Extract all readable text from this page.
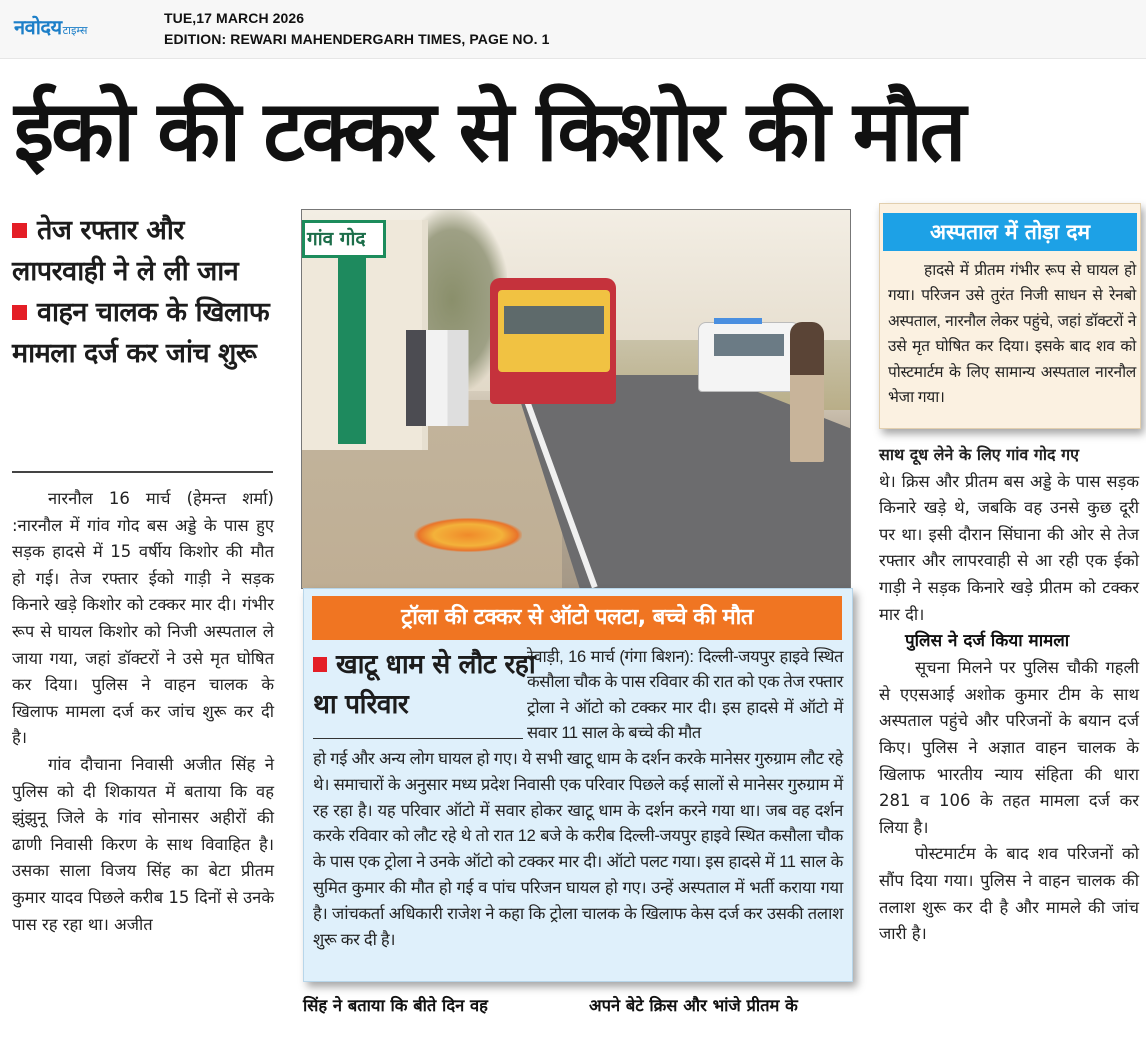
नवोदय टाइम्स
TUE,17 MARCH 2026
EDITION: REWARI MAHENDERGARH TIMES, PAGE NO. 1
ईको की टक्कर से किशोर की मौत
तेज रफ्तार और लापरवाही ने ले ली जान
वाहन चालक के खिलाफ मामला दर्ज कर जांच शुरू
नारनौल 16 मार्च (हेमन्त शर्मा) :नारनौल में गांव गोद बस अड्डे के पास हुए सड़क हादसे में 15 वर्षीय किशोर की मौत हो गई। तेज रफ्तार ईको गाड़ी ने सड़क किनारे खड़े किशोर को टक्कर मार दी। गंभीर रूप से घायल किशोर को निजी अस्पताल ले जाया गया, जहां डॉक्टरों ने उसे मृत घोषित कर दिया। पुलिस ने वाहन चालक के खिलाफ मामला दर्ज कर जांच शुरू कर दी है।
गांव दौचाना निवासी अजीत सिंह ने पुलिस को दी शिकायत में बताया कि वह झुंझुनू जिले के गांव सोनासर अहीरों की ढाणी निवासी किरण के साथ विवाहित है। उसका साला विजय सिंह का बेटा प्रीतम कुमार यादव पिछले करीब 15 दिनों से उनके पास रह रहा था। अजीत
गांव गोद
ट्रॉला की टक्कर से ऑटो पलटा, बच्चे की मौत
खाटू धाम से लौट रहा था परिवार
रेवाड़ी, 16 मार्च (गंगा बिशन): दिल्ली-जयपुर हाइवे स्थित कसौला चौक के पास रविवार की रात को एक तेज रफ्तार ट्रोला ने ऑटो को टक्कर मार दी। इस हादसे में ऑटो में सवार 11 साल के बच्चे की मौत
हो गई और अन्य लोग घायल हो गए। ये सभी खाटू धाम के दर्शन करके मानेसर गुरुग्राम लौट रहे थे। समाचारों के अनुसार मध्य प्रदेश निवासी एक परिवार पिछले कई सालों से मानेसर गुरुग्राम में रह रहा है। यह परिवार ऑटो में सवार होकर खाटू धाम के दर्शन करने गया था। जब वह दर्शन करके रविवार को लौट रहे थे तो रात 12 बजे के करीब दिल्ली-जयपुर हाइवे स्थित कसौला चौक के पास एक ट्रोला ने उनके ऑटो को टक्कर मार दी। ऑटो पलट गया। इस हादसे में 11 साल के सुमित कुमार की मौत हो गई व पांच परिजन घायल हो गए। उन्हें अस्पताल में भर्ती कराया गया है। जांचकर्ता अधिकारी राजेश ने कहा कि ट्रोला चालक के खिलाफ केस दर्ज कर उसकी तलाश शुरू कर दी है।
सिंह ने बताया कि बीते दिन वह	अपने बेटे क्रिस और भांजे प्रीतम के
अस्पताल में तोड़ा दम
हादसे में प्रीतम गंभीर रूप से घायल हो गया। परिजन उसे तुरंत निजी साधन से रेनबो अस्पताल, नारनौल लेकर पहुंचे, जहां डॉक्टरों ने उसे मृत घोषित कर दिया। इसके बाद शव को पोस्टमार्टम के लिए सामान्य अस्पताल नारनौल भेजा गया।
साथ दूध लेने के लिए गांव गोद गए
थे। क्रिस और प्रीतम बस अड्डे के पास सड़क किनारे खड़े थे, जबकि वह उनसे कुछ दूरी पर था। इसी दौरान सिंघाना की ओर से तेज रफ्तार और लापरवाही से आ रही एक ईको गाड़ी ने सड़क किनारे खड़े प्रीतम को टक्कर मार दी।
पुलिस ने दर्ज किया मामला
सूचना मिलने पर पुलिस चौकी गहली से एएसआई अशोक कुमार टीम के साथ अस्पताल पहुंचे और परिजनों के बयान दर्ज किए। पुलिस ने अज्ञात वाहन चालक के खिलाफ भारतीय न्याय संहिता की धारा 281 व 106 के तहत मामला दर्ज कर लिया है।
पोस्टमार्टम के बाद शव परिजनों को सौंप दिया गया। पुलिस ने वाहन चालक की तलाश शुरू कर दी है और मामले की जांच जारी है।
